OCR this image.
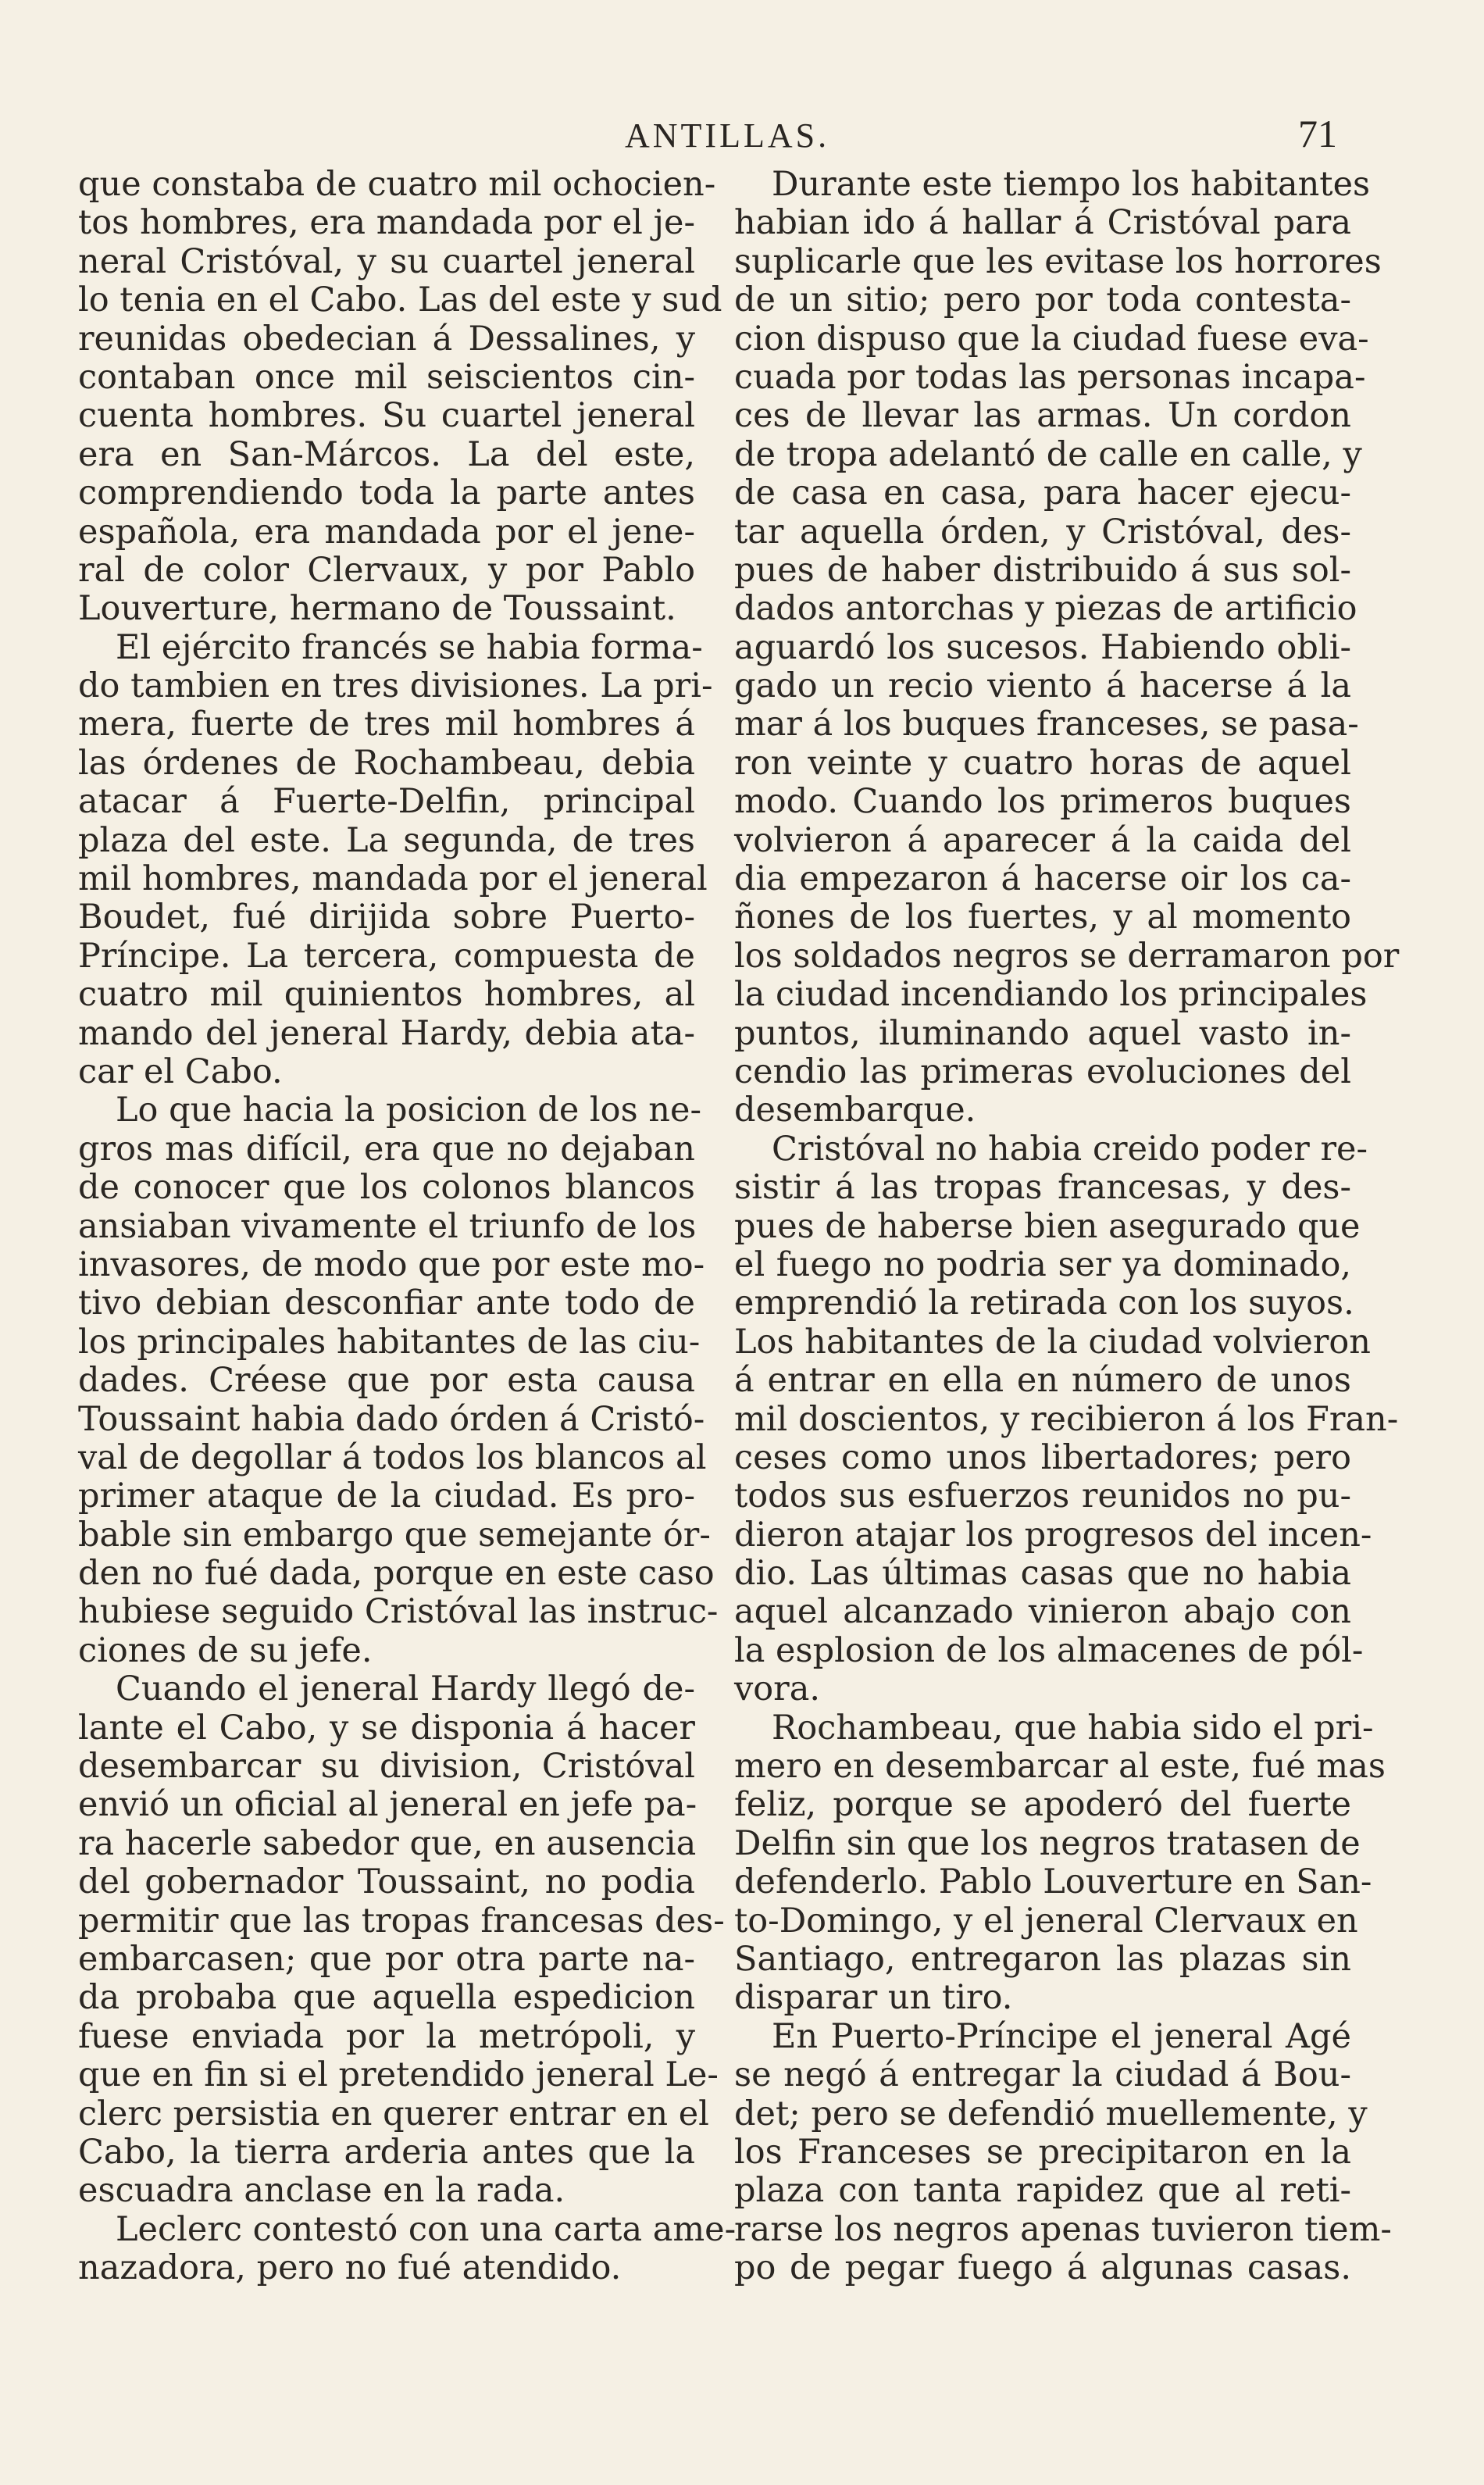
ANTILLAS.	71
que constaba de cuatro mil ochocien-
tos hombres, era mandada por el je-
neral Cristóval, y su cuartel jeneral
lo tenia en el Cabo. Las del este y sud
reunidas obedecian á Dessalines, y
contaban once mil seiscientos cin-
cuenta hombres. Su cuartel jeneral
era en San-Márcos. La del este,
comprendiendo toda la parte antes
española, era mandada por el jene-
ral de color Clervaux, y por Pablo
Louverture, hermano de Toussaint.
El ejército francés se habia forma-
do tambien en tres divisiones. La pri-
mera, fuerte de tres mil hombres á
las órdenes de Rochambeau, debia
atacar á Fuerte-Delfin, principal
plaza del este. La segunda, de tres
mil hombres, mandada por el jeneral
Boudet, fué dirijida sobre Puerto-
Príncipe. La tercera, compuesta de
cuatro mil quinientos hombres, al
mando del jeneral Hardy, debia ata-
car el Cabo.
Lo que hacia la posicion de los ne-
gros mas difícil, era que no dejaban
de conocer que los colonos blancos
ansiaban vivamente el triunfo de los
invasores, de modo que por este mo-
tivo debian desconfiar ante todo de
los principales habitantes de las ciu-
dades. Créese que por esta causa
Toussaint habia dado órden á Cristó-
val de degollar á todos los blancos al
primer ataque de la ciudad. Es pro-
bable sin embargo que semejante ór-
den no fué dada, porque en este caso
hubiese seguido Cristóval las instruc-
ciones de su jefe.
Cuando el jeneral Hardy llegó de-
lante el Cabo, y se disponia á hacer
desembarcar su division, Cristóval
envió un oficial al jeneral en jefe pa-
ra hacerle sabedor que, en ausencia
del gobernador Toussaint, no podia
permitir que las tropas francesas des-
embarcasen; que por otra parte na-
da probaba que aquella espedicion
fuese enviada por la metrópoli, y
que en fin si el pretendido jeneral Le-
clerc persistia en querer entrar en el
Cabo, la tierra arderia antes que la
escuadra anclase en la rada.
Leclerc contestó con una carta ame-
nazadora, pero no fué atendido.
Durante este tiempo los habitantes
habian ido á hallar á Cristóval para
suplicarle que les evitase los horrores
de un sitio; pero por toda contesta-
cion dispuso que la ciudad fuese eva-
cuada por todas las personas incapa-
ces de llevar las armas. Un cordon
de tropa adelantó de calle en calle, y
de casa en casa, para hacer ejecu-
tar aquella órden, y Cristóval, des-
pues de haber distribuido á sus sol-
dados antorchas y piezas de artificio
aguardó los sucesos. Habiendo obli-
gado un recio viento á hacerse á la
mar á los buques franceses, se pasa-
ron veinte y cuatro horas de aquel
modo. Cuando los primeros buques
volvieron á aparecer á la caida del
dia empezaron á hacerse oir los ca-
ñones de los fuertes, y al momento
los soldados negros se derramaron por
la ciudad incendiando los principales
puntos, iluminando aquel vasto in-
cendio las primeras evoluciones del
desembarque.
Cristóval no habia creido poder re-
sistir á las tropas francesas, y des-
pues de haberse bien asegurado que
el fuego no podria ser ya dominado,
emprendió la retirada con los suyos.
Los habitantes de la ciudad volvieron
á entrar en ella en número de unos
mil doscientos, y recibieron á los Fran-
ceses como unos libertadores; pero
todos sus esfuerzos reunidos no pu-
dieron atajar los progresos del incen-
dio. Las últimas casas que no habia
aquel alcanzado vinieron abajo con
la esplosion de los almacenes de pól-
vora.
Rochambeau, que habia sido el pri-
mero en desembarcar al este, fué mas
feliz, porque se apoderó del fuerte
Delfin sin que los negros tratasen de
defenderlo. Pablo Louverture en San-
to-Domingo, y el jeneral Clervaux en
Santiago, entregaron las plazas sin
disparar un tiro.
En Puerto-Príncipe el jeneral Agé
se negó á entregar la ciudad á Bou-
det; pero se defendió muellemente, y
los Franceses se precipitaron en la
plaza con tanta rapidez que al reti-
rarse los negros apenas tuvieron tiem-
po de pegar fuego á algunas casas.
